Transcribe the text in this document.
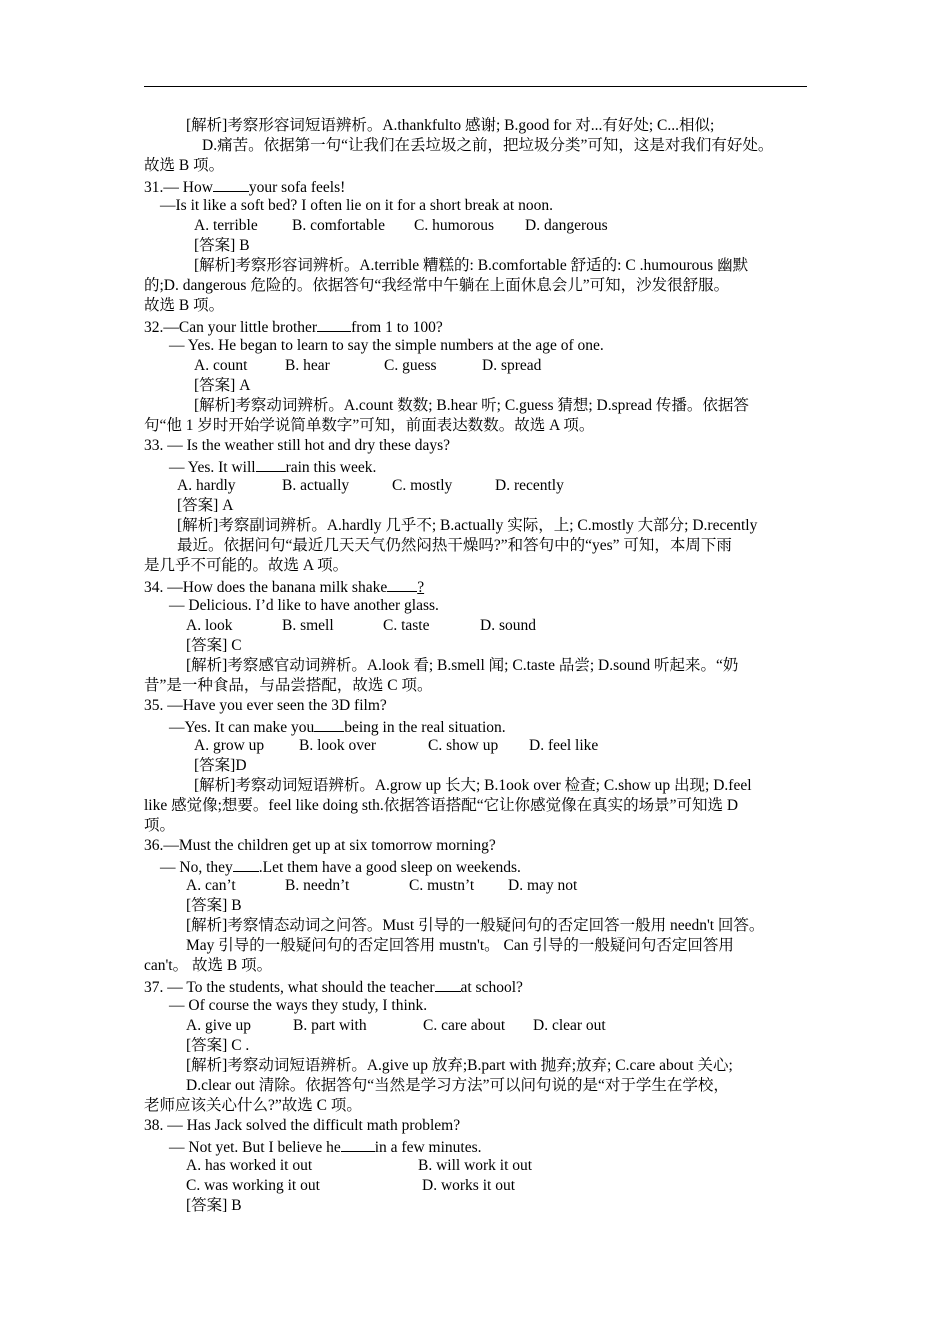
[解析]考察形容词短语辨析。A.thankfulto 感谢; B.good for 对...有好处; C...相似;
D.痛苦。依据第一句“让我们在丢垃圾之前，把垃圾分类”可知，这是对我们有好处。
故选 B 项。
31.— How your sofa feels!
—Is it like a soft bed? I often lie on it for a short break at noon.
A. terrible B. comfortable C. humorous D. dangerous
[答案] B
[解析]考察形容词辨析。A.terrible 糟糕的: B.comfortable 舒适的: C .humourous 幽默
的;D. dangerous 危险的。依据答句“我经常中午躺在上面休息会儿”可知，沙发很舒服。
故选 B 项。
32.—Can your little brother from 1 to 100?
— Yes. He began to learn to say the simple numbers at the age of one.
A. count B. hear	C. guess	D. spread
[答案] A
[解析]考察动词辨析。A.count 数数; B.hear 听; C.guess 猜想; D.spread 传播。依据答
句“他 1 岁时开始学说简单数字”可知，前面表达数数。故选 A 项。
33. — Is the weather still hot and dry these days?
— Yes. It will rain this week.
A. hardly	B. actually	C. mostly	D. recently
[答案] A
[解析]考察副词辨析。A.hardly 几乎不; B.actually 实际，上; C.mostly 大部分; D.recently
最近。依据问句“最近几天天气仍然闷热干燥吗?”和答句中的“yes” 可知，本周下雨
是几乎不可能的。故选 A 项。
34. —How does the banana milk shake ?
— Delicious. I’d like to have another glass.
A. look	B. smell	C. taste	D. sound
[答案] C
[解析]考察感官动词辨析。A.look 看; B.smell 闻; C.taste 品尝; D.sound 听起来。“奶
昔”是一种食品，与品尝搭配，故选 C 项。
35. —Have you ever seen the 3D film?
—Yes. It can make you being in the real situation.
A. grow up B. look over	C. show up D. feel like
[答案]D
[解析]考察动词短语辨析。A.grow up 长大; B.1ook over 检查; C.show up 出现; D.feel
like 感觉像;想要。feel like doing sth.依据答语搭配“它让你感觉像在真实的场景”可知选 D
项。
36.—Must the children get up at six tomorrow morning?
— No, they .Let them have a good sleep on weekends.
A. can’t	B. needn’t	C. mustn’t D. may not
[答案] B
[解析]考察情态动词之问答。Must 引导的一般疑问句的否定回答一般用 needn't 回答。
May 引导的一般疑问句的否定回答用 mustn't。 Can 引导的一般疑问句否定回答用
can't。 故选 B 项。
37. — To the students, what should the teacher at school?
— Of course the ways they study, I think.
A. give up	B. part with	C. care about D. clear out
[答案] C .
[解析]考察动词短语辨析。A.give up 放弃;B.part with 抛弃;放弃; C.care about 关心;
D.clear out 清除。依据答句“当然是学习方法”可以问句说的是“对于学生在学校，
老师应该关心什么?”故选 C 项。
38. — Has Jack solved the difficult math problem?
— Not yet. But I believe he in a few minutes.
A. has worked it out	B. will work it out
C. was working it out	D. works it out
[答案] B
